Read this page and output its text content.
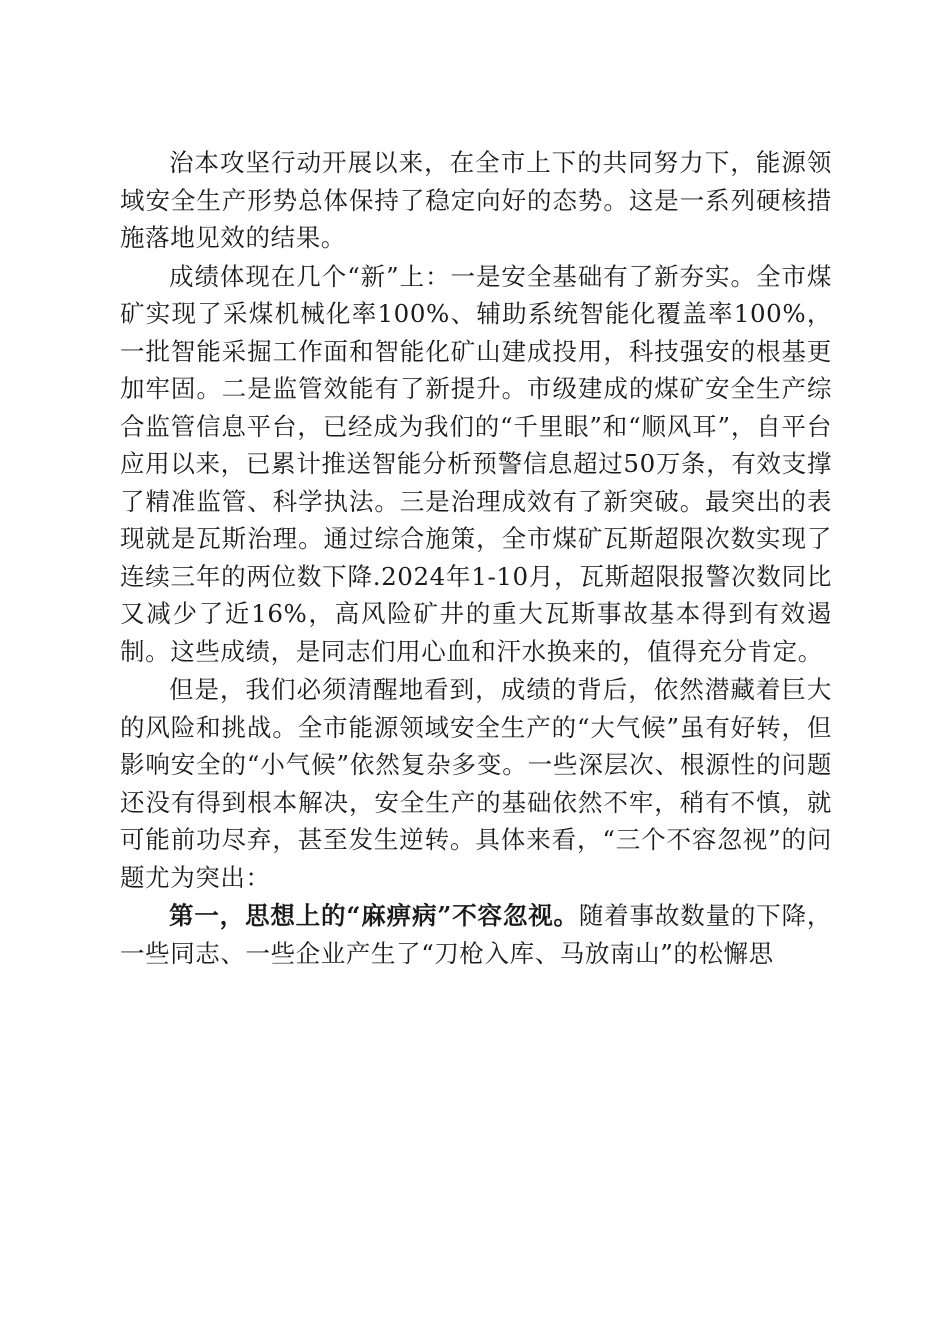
治本攻坚行动开展以来，在全市上下的共同努力下，能源领域安全生产形势总体保持了稳定向好的态势。这是一系列硬核措施落地见效的结果。

成绩体现在几个“新”上：一是安全基础有了新夯实。全市煤矿实现了采煤机械化率100%、辅助系统智能化覆盖率100%，一批智能采掘工作面和智能化矿山建成投用，科技强安的根基更加牢固。二是监管效能有了新提升。市级建成的煤矿安全生产综合监管信息平台，已经成为我们的“千里眼”和“顺风耳”，自平台应用以来，已累计推送智能分析预警信息超过50万条，有效支撑了精准监管、科学执法。三是治理成效有了新突破。最突出的表现就是瓦斯治理。通过综合施策，全市煤矿瓦斯超限次数实现了连续三年的两位数下降.2024年1-10月，瓦斯超限报警次数同比又减少了近16%，高风险矿井的重大瓦斯事故基本得到有效遏制。这些成绩，是同志们用心血和汗水换来的，值得充分肯定。

但是，我们必须清醒地看到，成绩的背后，依然潜藏着巨大的风险和挑战。全市能源领域安全生产的“大气候”虽有好转，但影响安全的“小气候”依然复杂多变。一些深层次、根源性的问题还没有得到根本解决，安全生产的基础依然不牢，稍有不慎，就可能前功尽弃，甚至发生逆转。具体来看，“三个不容忽视”的问题尤为突出：

第一，思想上的“麻痹病”不容忽视。随着事故数量的下降，一些同志、一些企业产生了“刀枪入库、马放南山”的松懈思
